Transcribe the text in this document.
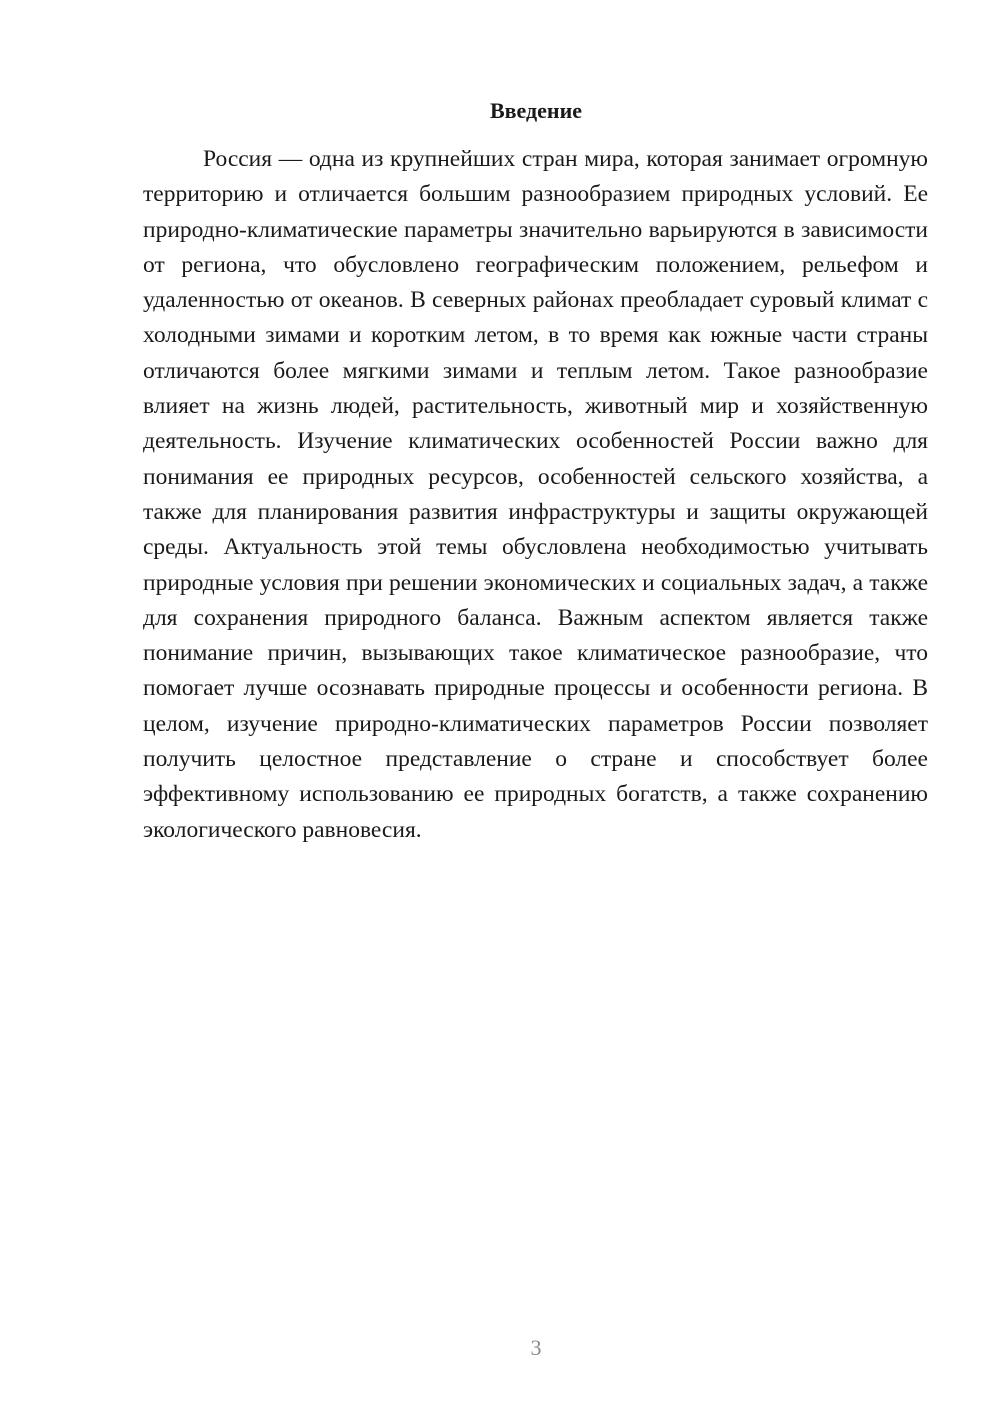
Введение

Россия — одна из крупнейших стран мира, которая занимает огромную территорию и отличается большим разнообразием природных условий. Ее природно-климатические параметры значительно варьируются в зависимости от региона, что обусловлено географическим положением, рельефом и удаленностью от океанов. В северных районах преобладает суровый климат с холодными зимами и коротким летом, в то время как южные части страны отличаются более мягкими зимами и теплым летом. Такое разнообразие влияет на жизнь людей, растительность, животный мир и хозяйственную деятельность. Изучение климатических особенностей России важно для понимания ее природных ресурсов, особенностей сельского хозяйства, а также для планирования развития инфраструктуры и защиты окружающей среды. Актуальность этой темы обусловлена необходимостью учитывать природные условия при решении экономических и социальных задач, а также для сохранения природного баланса. Важным аспектом является также понимание причин, вызывающих такое климатическое разнообразие, что помогает лучше осознавать природные процессы и особенности региона. В целом, изучение природно-климатических параметров России позволяет получить целостное представление о стране и способствует более эффективному использованию ее природных богатств, а также сохранению экологического равновесия.

3
